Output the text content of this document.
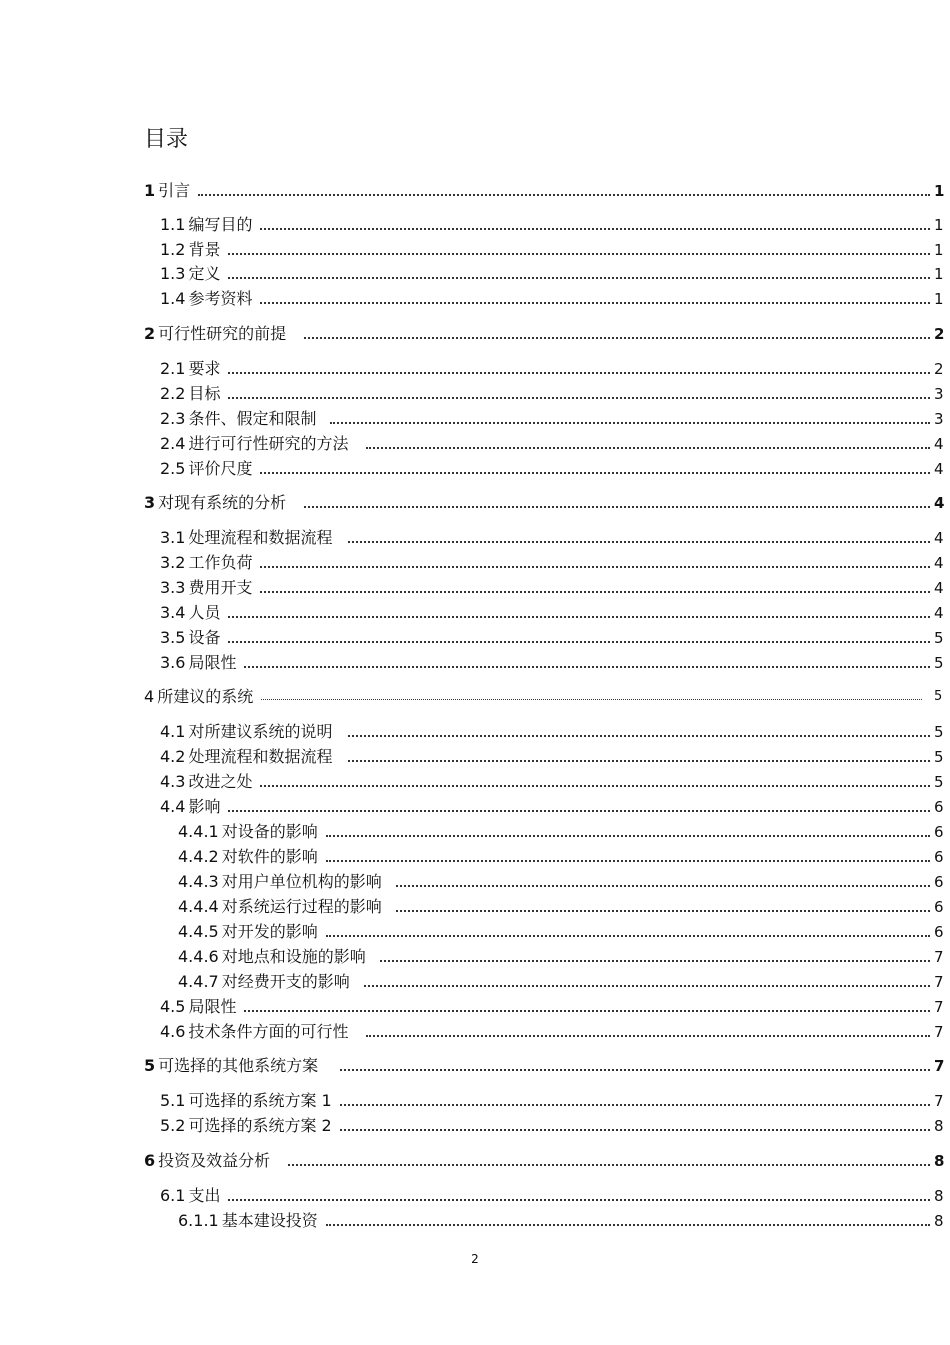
目录
1 引言	1
1.1 编写目的	1
1.2 背景	1
1.3 定义	1
1.4 参考资料	1
2 可行性研究的前提	2
2.1 要求	2
2.2 目标	3
2.3 条件、假定和限制	3
2.4 进行可行性研究的方法	4
2.5 评价尺度	4
3 对现有系统的分析	4
3.1 处理流程和数据流程	4
3.2 工作负荷	4
3.3 费用开支	4
3.4 人员	4
3.5 设备	5
3.6 局限性	5
4 所建议的系统	5
4.1 对所建议系统的说明	5
4.2 处理流程和数据流程	5
4.3 改进之处	5
4.4 影响	6
4.4.1 对设备的影响	6
4.4.2 对软件的影响	6
4.4.3 对用户单位机构的影响	6
4.4.4 对系统运行过程的影响	6
4.4.5 对开发的影响	6
4.4.6 对地点和设施的影响	7
4.4.7 对经费开支的影响	7
4.5 局限性	7
4.6 技术条件方面的可行性	7
5 可选择的其他系统方案	7
5.1 可选择的系统方案 1	7
5.2 可选择的系统方案 2	8
6 投资及效益分析	8
6.1 支出	8
6.1.1 基本建设投资	8
2
